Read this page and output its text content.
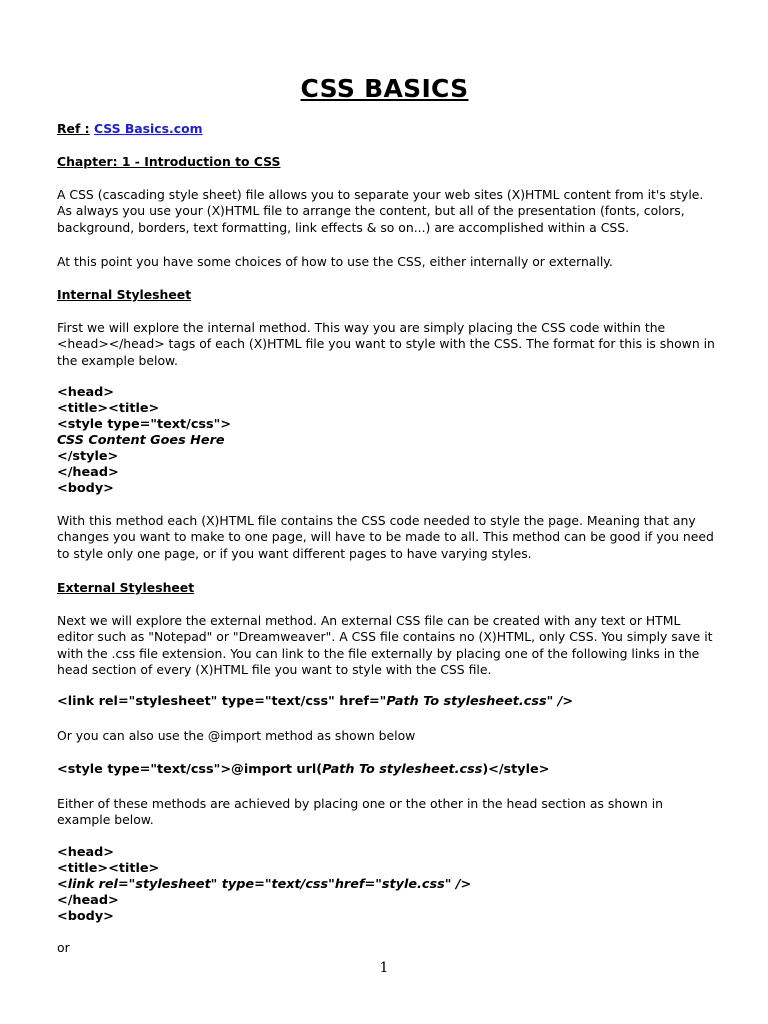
CSS BASICS

Ref : CSS Basics.com

Chapter: 1 - Introduction to CSS

A CSS (cascading style sheet) file allows you to separate your web sites (X)HTML content from it's style. As always you use your (X)HTML file to arrange the content, but all of the presentation (fonts, colors, background, borders, text formatting, link effects & so on...) are accomplished within a CSS.

At this point you have some choices of how to use the CSS, either internally or externally.

Internal Stylesheet

First we will explore the internal method. This way you are simply placing the CSS code within the <head></head> tags of each (X)HTML file you want to style with the CSS. The format for this is shown in the example below.

<head>
<title><title>
<style type="text/css">
CSS Content Goes Here
</style>
</head>
<body>

With this method each (X)HTML file contains the CSS code needed to style the page. Meaning that any changes you want to make to one page, will have to be made to all. This method can be good if you need to style only one page, or if you want different pages to have varying styles.

External Stylesheet

Next we will explore the external method. An external CSS file can be created with any text or HTML editor such as "Notepad" or "Dreamweaver". A CSS file contains no (X)HTML, only CSS. You simply save it with the .css file extension. You can link to the file externally by placing one of the following links in the head section of every (X)HTML file you want to style with the CSS file.

<link rel="stylesheet" type="text/css" href="Path To stylesheet.css" />

Or you can also use the @import method as shown below

<style type="text/css">@import url(Path To stylesheet.css)</style>

Either of these methods are achieved by placing one or the other in the head section as shown in example below.

<head>
<title><title>
<link rel="stylesheet" type="text/css"href="style.css" />
</head>
<body>

or

1
